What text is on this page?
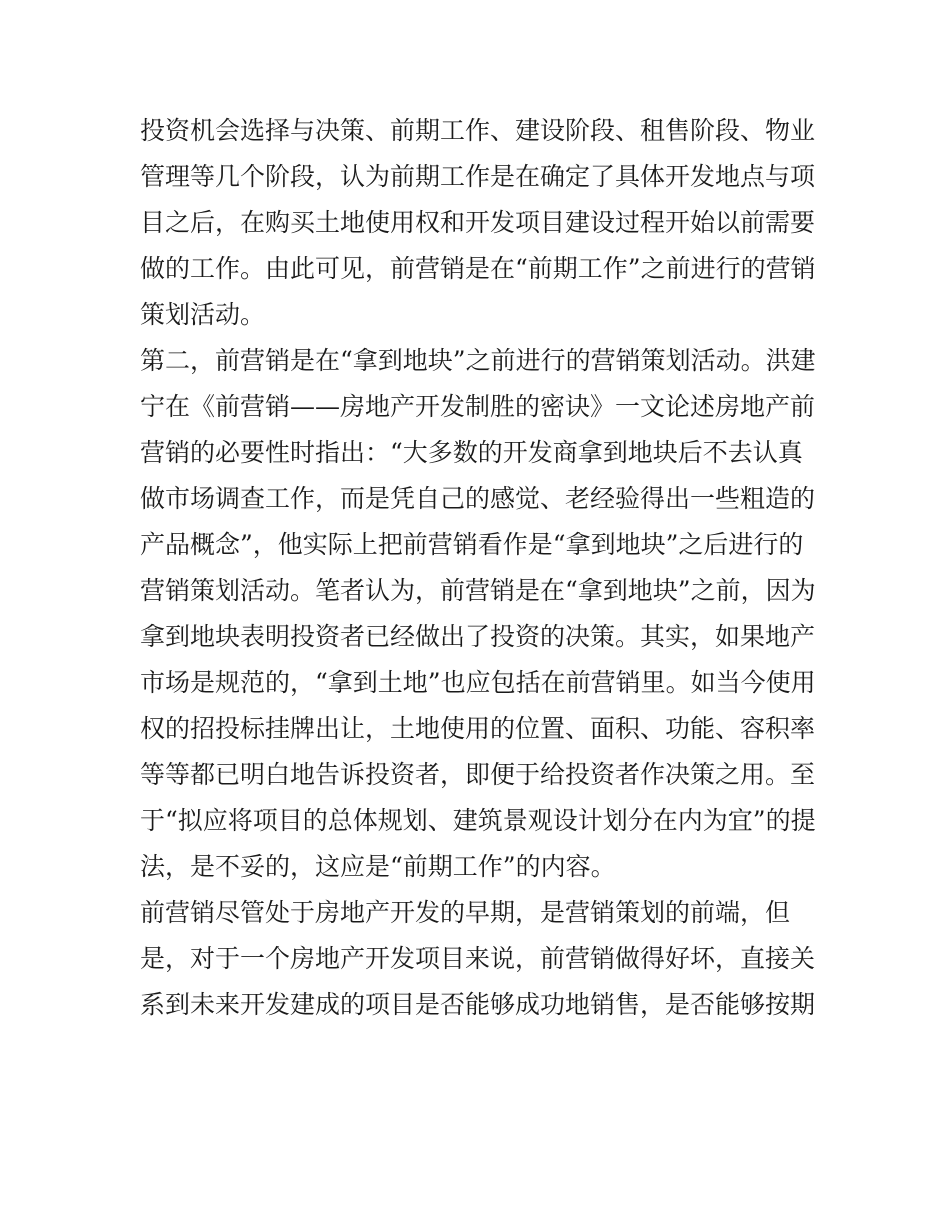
投资机会选择与决策、前期工作、建设阶段、租售阶段、物业
管理等几个阶段，认为前期工作是在确定了具体开发地点与项
目之后，在购买土地使用权和开发项目建设过程开始以前需要
做的工作。由此可见，前营销是在“前期工作”之前进行的营销
策划活动。
第二，前营销是在“拿到地块”之前进行的营销策划活动。洪建
宁在《前营销——房地产开发制胜的密诀》一文论述房地产前
营销的必要性时指出：“大多数的开发商拿到地块后不去认真
做市场调查工作，而是凭自己的感觉、老经验得出一些粗造的
产品概念”，他实际上把前营销看作是“拿到地块”之后进行的
营销策划活动。笔者认为，前营销是在“拿到地块”之前，因为
拿到地块表明投资者已经做出了投资的决策。其实，如果地产
市场是规范的，“拿到土地”也应包括在前营销里。如当今使用
权的招投标挂牌出让，土地使用的位置、面积、功能、容积率
等等都已明白地告诉投资者，即便于给投资者作决策之用。至
于“拟应将项目的总体规划、建筑景观设计划分在内为宜”的提
法，是不妥的，这应是“前期工作”的内容。
前营销尽管处于房地产开发的早期，是营销策划的前端，但
是，对于一个房地产开发项目来说，前营销做得好坏，直接关
系到未来开发建成的项目是否能够成功地销售，是否能够按期
